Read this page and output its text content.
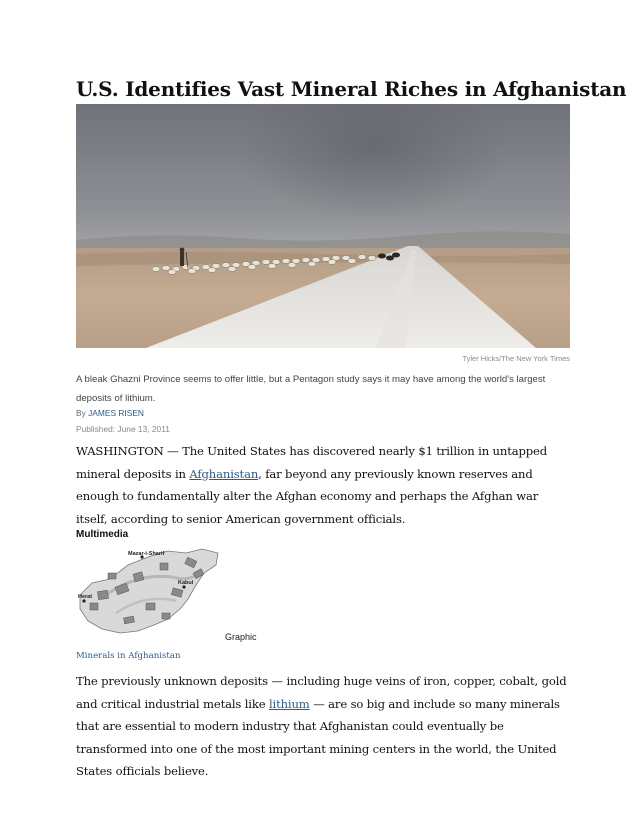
U.S. Identifies Vast Mineral Riches in Afghanistan
Tyler Hicks/The New York Times

A bleak Ghazni Province seems to offer little, but a Pentagon study says it may have among the world's largest deposits of lithium.

By JAMES RISEN
Published: June 13, 2011

WASHINGTON — The United States has discovered nearly $1 trillion in untapped mineral deposits in Afghanistan, far beyond any previously known reserves and enough to fundamentally alter the Afghan economy and perhaps the Afghan war itself, according to senior American government officials.

Multimedia
Mazar-i-Sharif
Herat
Kabul
Graphic
Minerals in Afghanistan

The previously unknown deposits — including huge veins of iron, copper, cobalt, gold and critical industrial metals like lithium — are so big and include so many minerals that are essential to modern industry that Afghanistan could eventually be transformed into one of the most important mining centers in the world, the United States officials believe.
